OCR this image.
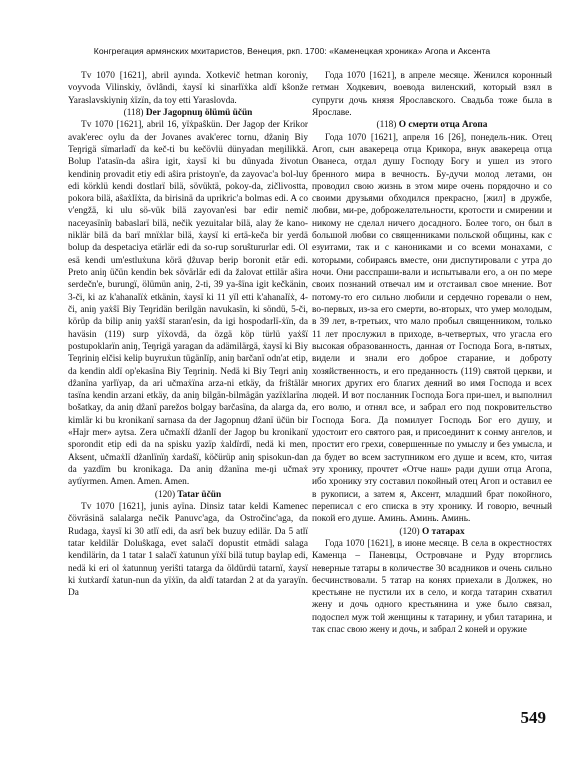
Конгрегация армянских мхитаристов, Венеция, ркп. 1700: «Каменецкая хроника» Агопа и Аксента

Tv 1070 [1621], abril ayında. Xotkevič hetman koroniy, voyvoda Vilinskiy, övlândi, ẋaysï ki sinarlïẋka aldï kŝonže Yaraslavskiyniŋ ẋïzïn, da toy etti Yaraslovda.

(118) Der Jagopnuŋ ölümü üčün

Tv 1070 [1621], abril 16, yïẋpaŝkün. Der Jagop der Krikor avak'erec oylu da der Jovanes avak'erec tornu, dẑaniŋ Biy Teŋrigä sïmarladï da keč-ti bu kečövlü dünyadan meŋilikkä. Bolup l'atasïn-da aŝira igit, ẋaysï ki bu dünyada životun kendiniŋ provadit etiy edi aŝira pristoyn'e, da zayovac'a bol-luy edi körklü kendi dostlarï bilä, sövüktä, pokoy-da, zičlivostta, pokora bilä, aŝaẋlïẋta, da birisinä da uprikric'a bolmas edi. A co v'engžä, ki ulu sö-vük bilä zayovan'esi bar edir nemič naceyasïnïŋ babaslarï bilä, nečik yezuitalar bilä, alay že kano-niklär bilä da barï mnïẋlar bilä, ẋaysï ki ertä-keča bir yerdä bolup da despetaciya etärlär edi da so-rup soruŝtururlar edi. Ol esä kendi um'estluẋuna körä ḍẑuvap berip boronit etär edi. Preto aniŋ üčün kendin bek sövärlär edi da žalovat ettilär aŝira serdečn'e, burungï, ölümün aniŋ, 2-ti, 39 ya-ŝïna igit kečkänin, 3-či, ki az k'ahanalïẋ etkänin, ẋaysï ki 11 yïl etti k'ahanalïẋ, 4-či, aniŋ yaẋŝï Biy Teŋridän berilgän navukasïn, ki söndü, 5-či, körüp da bilip aniŋ yaẋŝï staran'esin, da igi hospodarlï-ẋïn, da haväsin (119) surp yïẋovdä, da özgä köp türlü yaẋŝï postupoklarïn aniŋ, Teŋrigä yaragan da adämilärgä, ẋaysï ki Biy Teŋriniŋ elčisi kelip buyruẋun tügänlïp, aniŋ barčanï odn'at etip, da kendin aldï op'ekasïna Biy Teŋriniŋ. Nedä ki Biy Teŋri aniŋ dẑanïna yarlïyap, da ari učmaẋïna arza-ni etkäy, da friŝtälär tasïna kendin arzani etkäy, da aniŋ bilgän-bilmägän yazïẋlarïna bošatkay, da aniŋ dẑanï parez̆os bolgay barčasïna, da alarga da, kimlär ki bu kronikanï sarnasa da der Jagopnuŋ dẑanï üčün bir «Hajr mer» aytsa. Zera učmaẋlï dẑanlï der Jagop bu kronikanï sporondit etip edi da na spisku yazïp ẋaldïrdï, nedä ki men, Aksent, učmaẋlï dẑanlïnïŋ ẋardaŝï, köčürüp aniŋ spisokun-dan da yazdïm bu kronikaga. Da aniŋ dẑanïna me-ŋi učmaẋ aytïyrmen. Amen. Amen. Amen.

(120) Tatar üčün

Tv 1070 [1621], junis ayïna. Dinsiz tatar keldi Kamenec čövräsinä salalarga nečik Panuvc'aga, da Ostročinc'aga, da Rudaga, ẋaysï ki 30 atlï edi, da asrï bek buzuy edilär. Da 5 atlï tatar keldilär Doluŝkaga, evet salačï dopustit etmädi salaga kendilärin, da 1 tatar 1 salačï ẋatunun yïẋï bilä tutup baylap edi, nedä ki eri ol ẋatunnuŋ yeriŝti tatarga da öldürdü tatarnï, ẋaysï ki ẋutẋardï ẋatun-nun da yïẋïn, da aldï tatardan 2 at da yarayïn. Da

Года 1070 [1621], в апреле месяце. Женился коронный гетман Ходкевич, воевода виленский, который взял в супруги дочь князя Ярославского. Свадьба тоже была в Ярославе.

(118) О смерти отца Агопа

Года 1070 [1621], апреля 16 [26], понедель-ник. Отец Агоп, сын авакереца отца Крикора, внук авакереца отца Ованеса, отдал душу Господу Богу и ушел из этого бренного мира в вечность. Бу-дучи молод летами, он проводил свою жизнь в этом мире очень порядочно и со своими друзьями обходился прекрасно, [жил] в дружбе, любви, ми-ре, доброжелательности, кротости и смирении и никому не сделал ничего досадного. Более того, он был в большой любви со священниками польской общины, как с езуитами, так и с канониками и со всеми монахами, с которыми, собираясь вместе, они диспутировали с утра до ночи. Они расспраши-вали и испытывали его, а он по мере своих познаний отвечал им и отстаивал свое мнение. Вот потому-то его сильно любили и сердечно горевали о нем, во-первых, из-за его смерти, во-вторых, что умер молодым, в 39 лет, в-третьих, что мало пробыл священником, только 11 лет прослужил в приходе, в-четвертых, что угасла его высокая образованность, данная от Господа Бога, в-пятых, видели и знали его доброе старание, и доброту хозяйственность, и его преданность (119) святой церкви, и многих других его благих деяний во имя Господа и всех людей. И вот посланник Господа Бога при-шел, и выполнил его волю, и отнял все, и забрал его под покровительство Господа Бога. Да помилует Господь Бог его душу, и удостоит его святого рая, и присоединит к сонму ангелов, и простит его грехи, совершенные по умыслу и без умысла, и да будет во всем заступником его душе и всем, кто, читая эту хронику, прочтет «Отче наш» ради души отца Агопа, ибо хронику эту составил покойный отец Агоп и оставил ее в рукописи, а затем я, Аксент, младший брат покойного, переписал с его списка в эту хронику. И говорю, вечный покой его душе. Аминь. Аминь. Аминь.

(120) О татарах

Года 1070 [1621], в июне месяце. В села в окрестностях Каменца – Паневцы, Островчане и Руду вторглись неверные татары в количестве 30 всадников и очень сильно бесчинствовали. 5 татар на конях приехали в Должек, но крестьяне не пустили их в село, и когда татарин схватил жену и дочь одного крестьянина и уже было связал, подоспел муж той женщины к татарину, и убил татарина, и так спас свою жену и дочь, и забрал 2 коней и оружие

549
